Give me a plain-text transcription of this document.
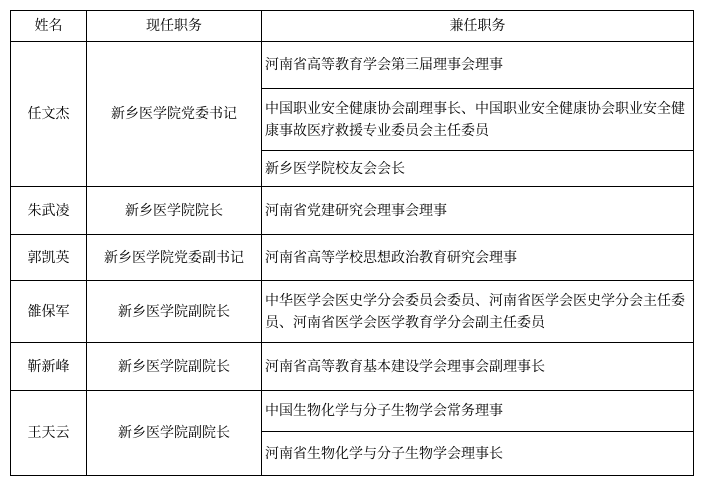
姓名	现任职务	兼任职务
任文杰	新乡医学院党委书记	河南省高等教育学会第三届理事会理事

		中国职业安全健康协会副理事长、中国职业安全健康协会职业安全健康事故医疗救援专业委员会主任委员

		新乡医学院校友会会长

朱武凌	新乡医学院院长	河南省党建研究会理事会理事

郭凯英	新乡医学院党委副书记	河南省高等学校思想政治教育研究会理事

雒保军	新乡医学院副院长	中华医学会医史学分会委员会委员、河南省医学会医史学分会主任委员、河南省医学会医学教育学分会副主任委员

靳新峰	新乡医学院副院长	河南省高等教育基本建设学会理事会副理事长

王天云	新乡医学院副院长	中国生物化学与分子生物学会常务理事

		河南省生物化学与分子生物学会理事长
